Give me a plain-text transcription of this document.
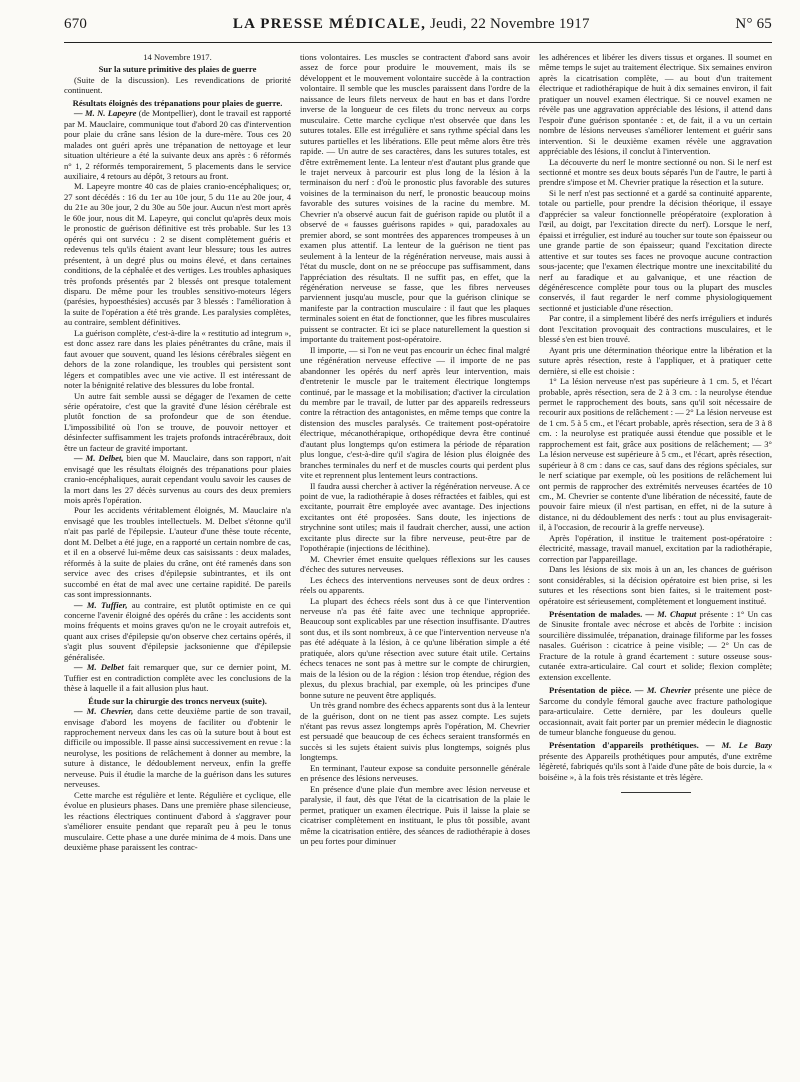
670	LA PRESSE MÉDICALE, Jeudi, 22 Novembre 1917	N° 65

14 Novembre 1917.

Sur la suture primitive des plaies de guerre

(Suite de la discussion). Les revendications de priorité continuent.

Résultats éloignés des trépanations pour plaies de guerre.

— M. N. Lapeyre (de Montpellier), dont le travail est rapporté par M. Mauclaire, communique tout d'abord 20 cas d'intervention pour plaie du crâne sans lésion de la dure-mère. Tous ces 20 malades ont guéri après une trépanation de nettoyage et leur situation ultérieure a été la suivante deux ans après : 6 réformés n° 1, 2 réformés temporairement, 5 placements dans le service auxiliaire, 4 retours au dépôt, 3 retours au front.

M. Lapeyre montre 40 cas de plaies cranio-encéphaliques; or, 27 sont décédés : 16 du 1er au 10e jour, 5 du 11e au 20e jour, 4 du 21e au 30e jour, 2 du 30e au 50e jour. Aucun n'est mort après le 60e jour, nous dit M. Lapeyre, qui conclut qu'après deux mois le pronostic de guérison définitive est très probable. Sur les 13 opérés qui ont survécu : 2 se disent complètement guéris et redevenus tels qu'ils étaient avant leur blessure; tous les autres présentent, à un degré plus ou moins élevé, et dans certaines conditions, de la céphalée et des vertiges. Les troubles aphasiques très profonds présentés par 2 blessés ont presque totalement disparu. De même pour les troubles sensitivo-moteurs légers (parésies, hypoesthésies) accusés par 3 blessés : l'amélioration à la suite de l'opération a été très grande. Les paralysies complètes, au contraire, semblent définitives.

La guérison complète, c'est-à-dire la « restitutio ad integrum », est donc assez rare dans les plaies pénétrantes du crâne, mais il faut avouer que souvent, quand les lésions cérébrales siègent en dehors de la zone rolandique, les troubles qui persistent sont légers et compatibles avec une vie active. Il est intéressant de noter la bénignité relative des blessures du lobe frontal.

Un autre fait semble aussi se dégager de l'examen de cette série opératoire, c'est que la gravité d'une lésion cérébrale est plutôt fonction de sa profondeur que de son étendue. L'impossibilité où l'on se trouve, de pouvoir nettoyer et désinfecter suffisamment les trajets profonds intracérébraux, doit être un facteur de gravité important.

— M. Delbet, bien que M. Mauclaire, dans son rapport, n'ait envisagé que les résultats éloignés des trépanations pour plaies cranio-encéphaliques, aurait cependant voulu savoir les causes de la mort dans les 27 décès survenus au cours des deux premiers mois après l'opération.

Pour les accidents véritablement éloignés, M. Mauclaire n'a envisagé que les troubles intellectuels. M. Delbet s'étonne qu'il n'ait pas parlé de l'épilepsie. L'auteur d'une thèse toute récente, dont M. Delbet a été juge, en a rapporté un certain nombre de cas, et il en a observé lui-même deux cas saisissants : deux malades, réformés à la suite de plaies du crâne, ont été ramenés dans son service avec des crises d'épilepsie subintrantes, et ils ont succombé en état de mal avec une certaine rapidité. De pareils cas sont impressionnants.

— M. Tuffier, au contraire, est plutôt optimiste en ce qui concerne l'avenir éloigné des opérés du crâne : les accidents sont moins fréquents et moins graves qu'on ne le croyait autrefois et, quant aux crises d'épilepsie qu'on observe chez certains opérés, il s'agit plus souvent d'épilepsie jacksonienne que d'épilepsie généralisée.

— M. Delbet fait remarquer que, sur ce dernier point, M. Tuffier est en contradiction complète avec les conclusions de la thèse à laquelle il a fait allusion plus haut.

Étude sur la chirurgie des troncs nerveux (suite).

— M. Chevrier, dans cette deuxième partie de son travail, envisage d'abord les moyens de faciliter ou d'obtenir le rapprochement nerveux dans les cas où la suture bout à bout est difficile ou impossible. Il passe ainsi successivement en revue : la neurolyse, les positions de relâchement à donner au membre, la suture à distance, le dédoublement nerveux, enfin la greffe nerveuse. Puis il étudie la marche de la guérison dans les sutures nerveuses.

Cette marche est régulière et lente. Régulière et cyclique, elle évolue en plusieurs phases. Dans une première phase silencieuse, les réactions électriques continuent d'abord à s'aggraver pour s'améliorer ensuite pendant que reparaît peu à peu le tonus musculaire. Cette phase a une durée minima de 4 mois. Dans une deuxième phase paraissent les contrac-

tions volontaires. Les muscles se contractent d'abord sans avoir assez de force pour produire le mouvement, mais ils se développent et le mouvement volontaire succède à la contraction volontaire. Il semble que les muscles paraissent dans l'ordre de la naissance de leurs filets nerveux de haut en bas et dans l'ordre inverse de la longueur de ces filets du tronc nerveux au corps musculaire. Cette marche cyclique n'est observée que dans les sutures totales. Elle est irrégulière et sans rythme spécial dans les sutures partielles et les libérations. Elle peut même alors être très rapide. — Un autre de ses caractères, dans les sutures totales, est d'être extrêmement lente. La lenteur n'est d'autant plus grande que le trajet nerveux à parcourir est plus long de la lésion à la terminaison du nerf : d'où le pronostic plus favorable des sutures voisines de la terminaison du nerf, le pronostic beaucoup moins favorable des sutures voisines de la racine du membre. M. Chevrier n'a observé aucun fait de guérison rapide ou plutôt il a observé de « fausses guérisons rapides » qui, paradoxales au premier abord, se sont montrées des apparences trompeuses à un examen plus attentif. La lenteur de la guérison ne tient pas seulement à la lenteur de la régénération nerveuse, mais aussi à l'état du muscle, dont on ne se préoccupe pas suffisamment, dans l'appréciation des résultats. Il ne suffit pas, en effet, que la régénération nerveuse se fasse, que les fibres nerveuses parviennent jusqu'au muscle, pour que la guérison clinique se manifeste par la contraction musculaire : il faut que les plaques terminales soient en état de fonctionner, que les fibres musculaires puissent se contracter. Et ici se place naturellement la question si importante du traitement post-opératoire.

Il importe, — si l'on ne veut pas encourir un échec final malgré une régénération nerveuse effective — il importe de ne pas abandonner les opérés du nerf après leur intervention, mais d'entretenir le muscle par le traitement électrique longtemps continué, par le massage et la mobilisation; d'activer la circulation du membre par le travail, de lutter par des appareils redresseurs contre la rétraction des antagonistes, en même temps que contre la distension des muscles paralysés. Ce traitement post-opératoire électrique, mécanothérapique, orthopédique devra être continué d'autant plus longtemps qu'on estimera la période de réparation plus longue, c'est-à-dire qu'il s'agira de lésion plus éloignée des branches terminales du nerf et de muscles courts qui perdent plus vite et reprennent plus lentement leurs contractions.

Il faudra aussi chercher à activer la régénération nerveuse. A ce point de vue, la radiothérapie à doses réfractées et faibles, qui est excitante, pourrait être employée avec avantage. Des injections excitantes ont été proposées. Sans doute, les injections de strychnine sont utiles; mais il faudrait chercher, aussi, une action excitante plus directe sur la fibre nerveuse, peut-être par de l'opothérapie (injections de lécithine).

M. Chevrier émet ensuite quelques réflexions sur les causes d'échec des sutures nerveuses.

Les échecs des interventions nerveuses sont de deux ordres : réels ou apparents.

La plupart des échecs réels sont dus à ce que l'intervention nerveuse n'a pas été faite avec une technique appropriée. Beaucoup sont explicables par une résection insuffisante. D'autres sont dus, et ils sont nombreux, à ce que l'intervention nerveuse n'a pas été adéquate à la lésion, à ce qu'une libération simple a été pratiquée, alors qu'une résection avec suture était utile. Certains échecs tenaces ne sont pas à mettre sur le compte de chirurgien, mais de la lésion ou de la région : lésion trop étendue, région des plexus, du plexus brachial, par exemple, où les principes d'une bonne suture ne peuvent être appliqués.

Un très grand nombre des échecs apparents sont dus à la lenteur de la guérison, dont on ne tient pas assez compte. Les sujets n'étant pas revus assez longtemps après l'opération, M. Chevrier est persuadé que beaucoup de ces échecs seraient transformés en succès si les sujets étaient suivis plus longtemps, soignés plus longtemps.

En terminant, l'auteur expose sa conduite personnelle générale en présence des lésions nerveuses.

En présence d'une plaie d'un membre avec lésion nerveuse et paralysie, il faut, dès que l'état de la cicatrisation de la plaie le permet, pratiquer un examen électrique. Puis il laisse la plaie se cicatriser complètement en instituant, le plus tôt possible, avant même la cicatrisation entière, des séances de radiothérapie à doses un peu fortes pour diminuer

les adhérences et libérer les divers tissus et organes. Il soumet en même temps le sujet au traitement électrique. Six semaines environ après la cicatrisation complète, — au bout d'un traitement électrique et radiothérapique de huit à dix semaines environ, il fait pratiquer un nouvel examen électrique. Si ce nouvel examen ne révèle pas une aggravation appréciable des lésions, il attend dans l'espoir d'une guérison spontanée : et, de fait, il a vu un certain nombre de lésions nerveuses s'améliorer lentement et guérir sans intervention. Si le deuxième examen révèle une aggravation appréciable des lésions, il conclut à l'intervention.

La découverte du nerf le montre sectionné ou non. Si le nerf est sectionné et montre ses deux bouts séparés l'un de l'autre, le parti à prendre s'impose et M. Chevrier pratique la résection et la suture.

Si le nerf n'est pas sectionné et a gardé sa continuité apparente, totale ou partielle, pour prendre la décision théorique, il essaye d'apprécier sa valeur fonctionnelle préopératoire (exploration à l'œil, au doigt, par l'excitation directe du nerf). Lorsque le nerf, épaissi et irrégulier, est induré au toucher sur toute son épaisseur ou une grande partie de son épaisseur; quand l'excitation directe attentive et sur toutes ses faces ne provoque aucune contraction sous-jacente; que l'examen électrique montre une inexcitabilité du nerf au faradique et au galvanique, et une réaction de dégénérescence complète pour tous ou la plupart des muscles conservés, il faut regarder le nerf comme physiologiquement sectionné et justiciable d'une résection.

Par contre, il a simplement libéré des nerfs irréguliers et indurés dont l'excitation provoquait des contractions musculaires, et le blessé s'en est bien trouvé.

Ayant pris une détermination théorique entre la libération et la suture après résection, reste à l'appliquer, et à pratiquer cette dernière, si elle est choisie :

1° La lésion nerveuse n'est pas supérieure à 1 cm. 5, et l'écart probable, après résection, sera de 2 à 3 cm. : la neurolyse étendue permet le rapprochement des bouts, sans qu'il soit nécessaire de recourir aux positions de relâchement : — 2° La lésion nerveuse est de 1 cm. 5 à 5 cm., et l'écart probable, après résection, sera de 3 à 8 cm. : la neurolyse est pratiquée aussi étendue que possible et le rapprochement est fait, grâce aux positions de relâchement; — 3° La lésion nerveuse est supérieure à 5 cm., et l'écart, après résection, supérieur à 8 cm : dans ce cas, sauf dans des régions spéciales, sur le nerf sciatique par exemple, où les positions de relâchement lui ont permis de rapprocher des extrémités nerveuses écartées de 10 cm., M. Chevrier se contente d'une libération de nécessité, faute de pouvoir faire mieux (il n'est partisan, en effet, ni de la suture à distance, ni du dédoublement des nerfs : tout au plus envisagerait-il, à l'occasion, de recourir à la greffe nerveuse).

Après l'opération, il institue le traitement post-opératoire : électricité, massage, travail manuel, excitation par la radiothérapie, correction par l'appareillage.

Dans les lésions de six mois à un an, les chances de guérison sont considérables, si la décision opératoire est bien prise, si les sutures et les résections sont bien faites, si le traitement post-opératoire est sérieusement, complètement et longuement institué.

Présentation de malades. — M. Chaput présente : 1° Un cas de Sinusite frontale avec nécrose et abcès de l'orbite : incision sourcilière dissimulée, trépanation, drainage filiforme par les fosses nasales. Guérison : cicatrice à peine visible; — 2° Un cas de Fracture de la rotule à grand écartement : suture osseuse sous-cutanée extra-articulaire. Cal court et solide; flexion complète; extension excellente.

Présentation de pièce. — M. Chevrier présente une pièce de Sarcome du condyle fémoral gauche avec fracture pathologique para-articulaire. Cette dernière, par les douleurs quelle occasionnait, avait fait porter par un premier médecin le diagnostic de tumeur blanche fongueuse du genou.

Présentation d'appareils prothétiques. — M. Le Bazy présente des Appareils prothétiques pour amputés, d'une extrême légèreté, fabriqués qu'ils sont à l'aide d'une pâte de bois durcie, la « boiséine », à la fois très résistante et très légère.
